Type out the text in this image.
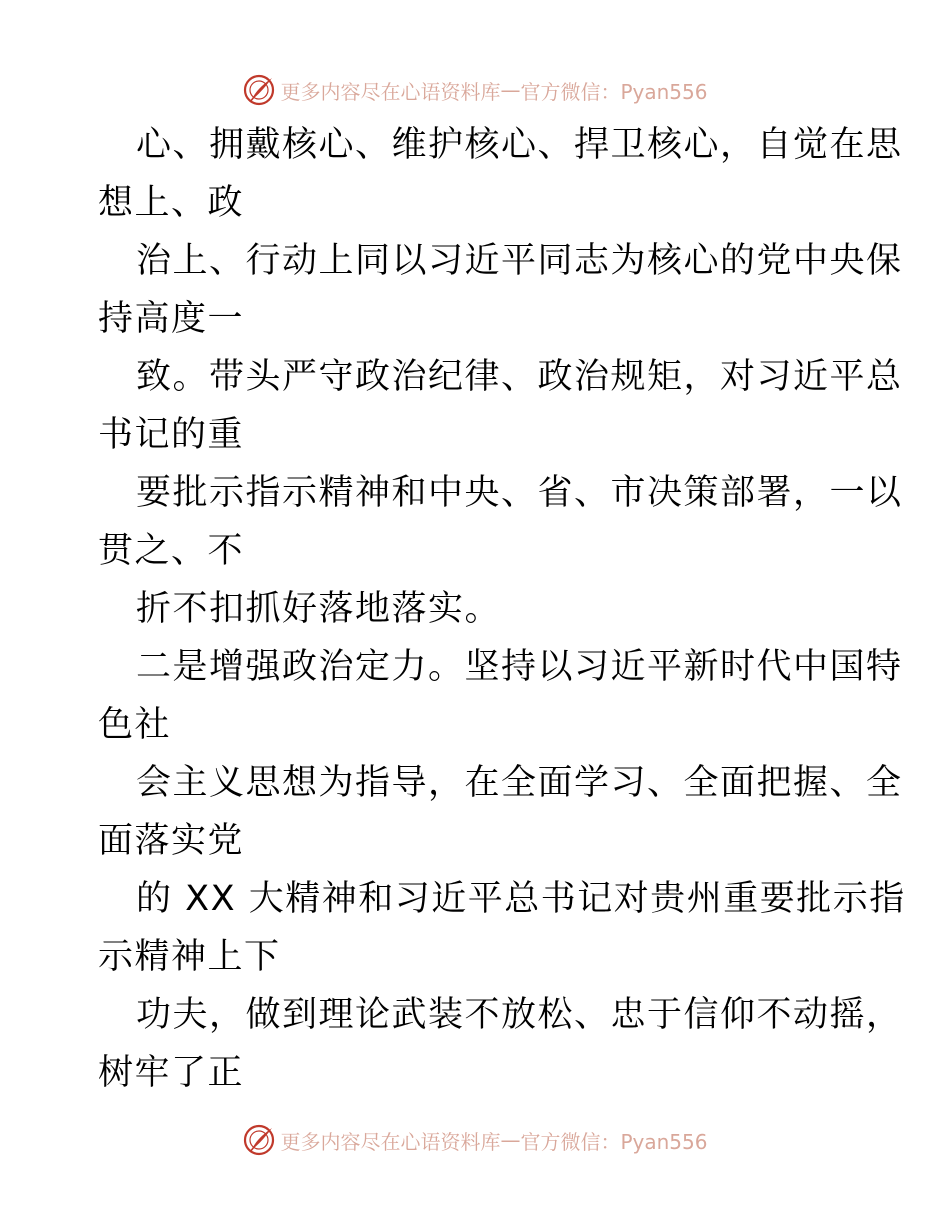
更多内容尽在心语资料库 — 官方微信：Pyan556
心、拥戴核心、维护核心、捍卫核心，自觉在思
想上、政
治上、行动上同以习近平同志为核心的党中央保
持高度一
致。带头严守政治纪律、政治规矩，对习近平总
书记的重
要批示指示精神和中央、省、市决策部署，一以
贯之、不
折不扣抓好落地落实。
二是增强政治定力。坚持以习近平新时代中国特
色社
会主义思想为指导，在全面学习、全面把握、全
面落实党
的 XX 大精神和习近平总书记对贵州重要批示指
示精神上下
功夫，做到理论武装不放松、忠于信仰不动摇，
树牢了正
更多内容尽在心语资料库 — 官方微信：Pyan556
